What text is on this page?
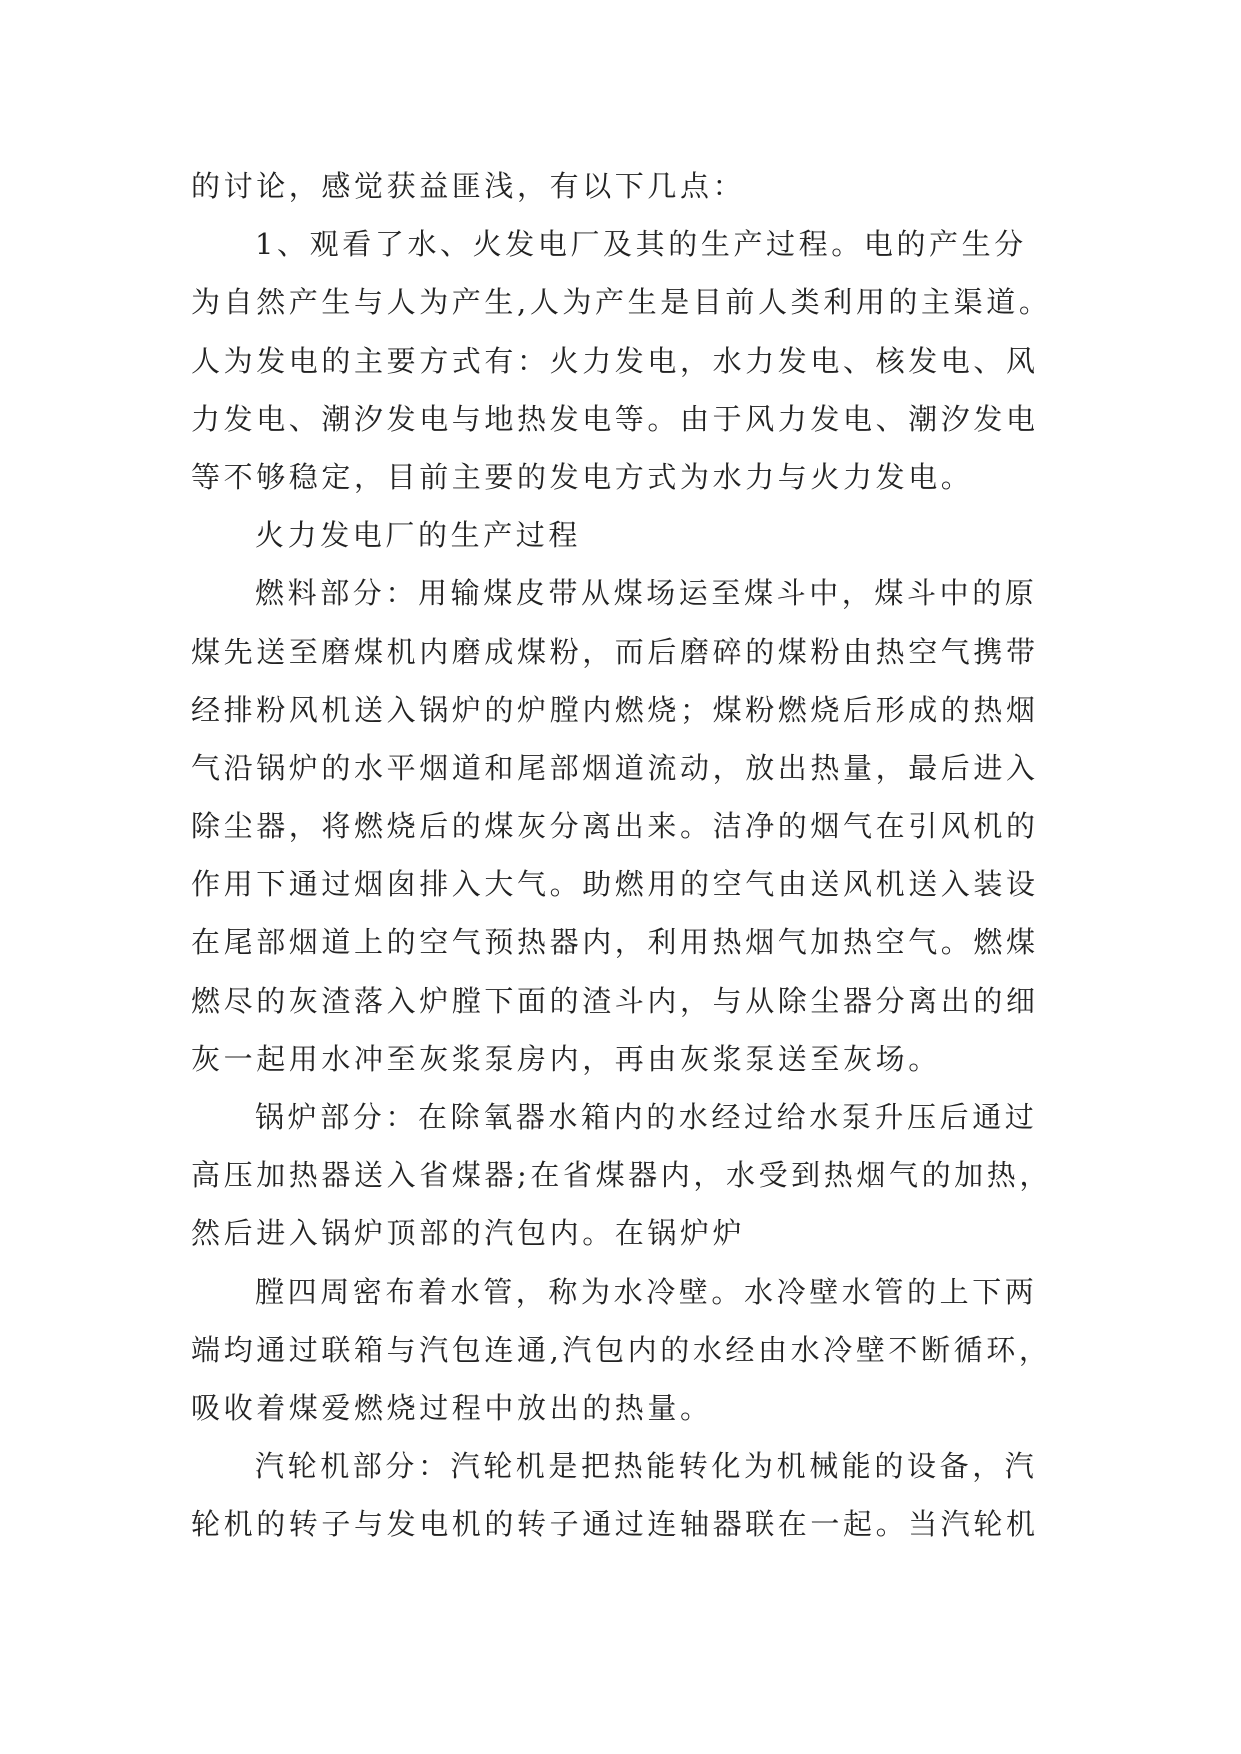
的讨论，感觉获益匪浅，有以下几点：
1、观看了水、火发电厂及其的生产过程。电的产生分
为自然产生与人为产生,人为产生是目前人类利用的主渠道。
人为发电的主要方式有：火力发电，水力发电、核发电、风
力发电、潮汐发电与地热发电等。由于风力发电、潮汐发电
等不够稳定，目前主要的发电方式为水力与火力发电。
火力发电厂的生产过程
燃料部分：用输煤皮带从煤场运至煤斗中，煤斗中的原
煤先送至磨煤机内磨成煤粉，而后磨碎的煤粉由热空气携带
经排粉风机送入锅炉的炉膛内燃烧；煤粉燃烧后形成的热烟
气沿锅炉的水平烟道和尾部烟道流动，放出热量，最后进入
除尘器，将燃烧后的煤灰分离出来。洁净的烟气在引风机的
作用下通过烟囱排入大气。助燃用的空气由送风机送入装设
在尾部烟道上的空气预热器内，利用热烟气加热空气。燃煤
燃尽的灰渣落入炉膛下面的渣斗内，与从除尘器分离出的细
灰一起用水冲至灰浆泵房内，再由灰浆泵送至灰场。
锅炉部分：在除氧器水箱内的水经过给水泵升压后通过
高压加热器送入省煤器;在省煤器内，水受到热烟气的加热，
然后进入锅炉顶部的汽包内。在锅炉炉
膛四周密布着水管，称为水冷壁。水冷壁水管的上下两
端均通过联箱与汽包连通,汽包内的水经由水冷壁不断循环，
吸收着煤爱燃烧过程中放出的热量。
汽轮机部分：汽轮机是把热能转化为机械能的设备，汽
轮机的转子与发电机的转子通过连轴器联在一起。当汽轮机
